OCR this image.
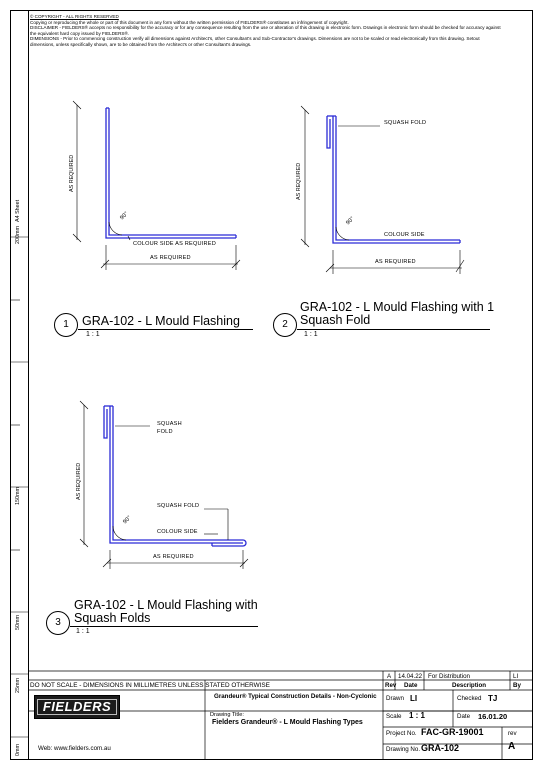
© COPYRIGHT - ALL RIGHTS RESERVED
Copying or reproducing the whole or part of this document in any form without the written permission of FIELDERS® constitutes an infringement of copyright.
DISCLAIMER - FIELDERS® accepts no responsibility for the accuracy or for any consequence resulting from the use or alteration of this drawing in electronic form. Drawings in electronic form should be checked for accuracy against
the equivalent hard copy issued by FIELDERS®.
DIMENSIONS - Prior to commencing construction verify all dimensions against Architect's, other Consultant's and Sub-Contractor's drawings. Dimensions are not to be scaled or read electronically from this drawing. Setout
dimensions, unless specifically shown, are to be obtained from the Architect's or other Consultant's drawings.
A4 Sheet
200mm
150mm
50mm
25mm
0mm
AS REQUIRED
AS REQUIRED
90°
COLOUR SIDE AS REQUIRED
1	GRA-102 - L Mould Flashing
1 : 1
SQUASH FOLD
AS REQUIRED
AS REQUIRED
90°
COLOUR SIDE
2
GRA-102 - L Mould Flashing with 1
Squash Fold
1 : 1
SQUASH
FOLD
AS REQUIRED
AS REQUIRED
90°
SQUASH FOLD
COLOUR SIDE
3
GRA-102 - L Mould Flashing with
Squash Folds
1 : 1
A 14.04.22 For Distribution	LI
Rev Date	Description	By
DO NOT SCALE - DIMENSIONS IN MILLIMETRES UNLESS STATED OTHERWISE
FIELDERS
Web: www.fielders.com.au
Grandeur® Typical Construction Details - Non-Cyclonic
Drawing Title:
Fielders Grandeur® - L Mould Flashing Types
Drawn LI	Checked TJ
Scale 1 : 1	Date 16.01.20
Project No. FAC-GR-19001	rev
Drawing No. GRA-102	A
